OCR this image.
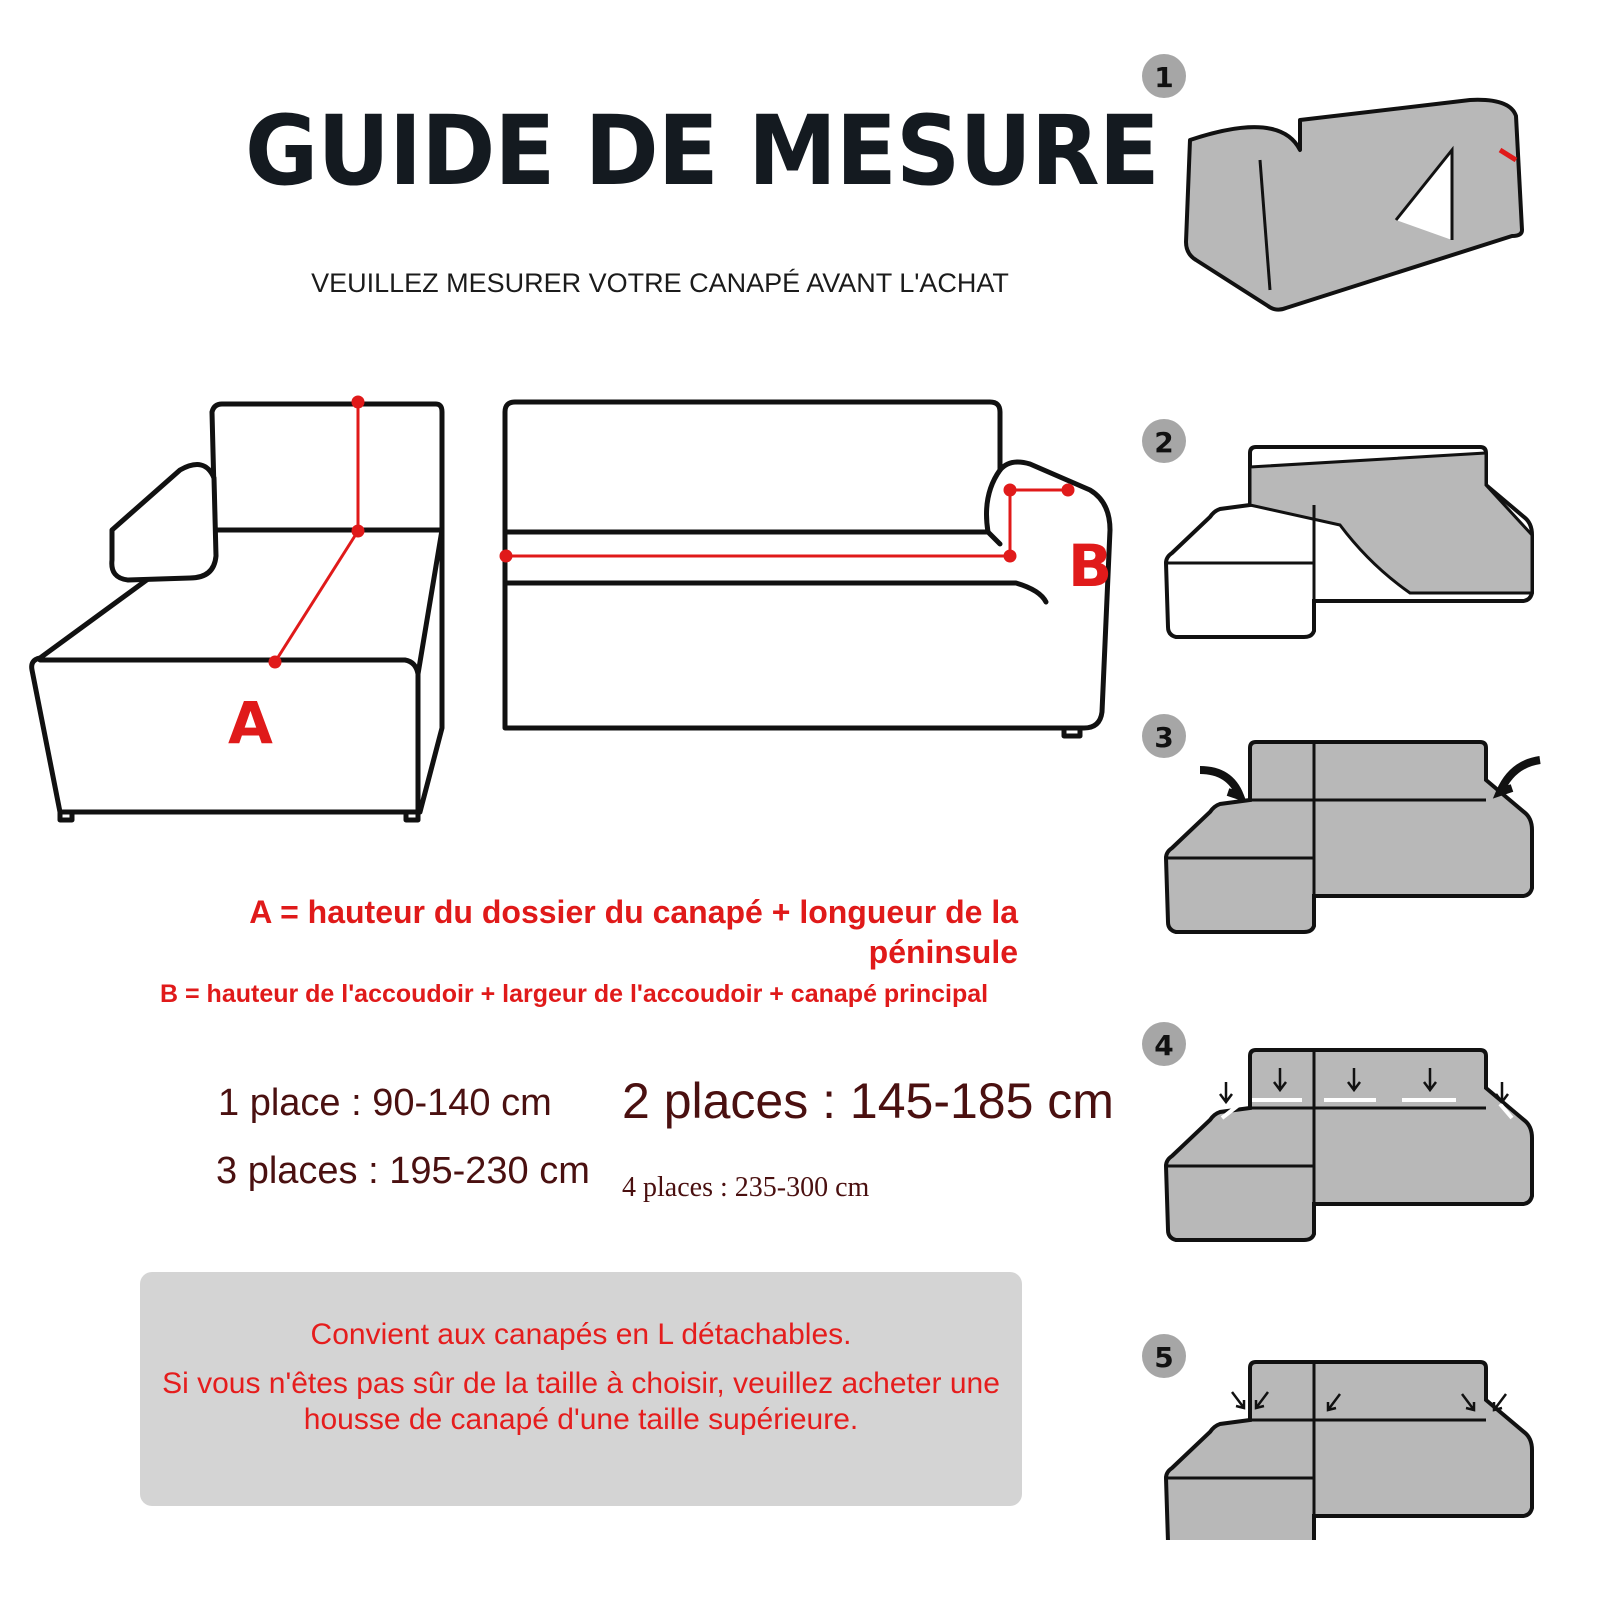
GUIDE DE MESURE
VEUILLEZ MESURER VOTRE CANAPÉ AVANT L'ACHAT
A
B
A = hauteur du dossier du canapé + longueur de la péninsule
B = hauteur de l'accoudoir + largeur de l'accoudoir + canapé principal
1 place : 90-140 cm 2 places : 145-185 cm
3 places : 195-230 cm 4 places : 235-300 cm
Convient aux canapés en L détachables.
Si vous n'êtes pas sûr de la taille à choisir, veuillez acheter une housse de canapé d'une taille supérieure.
1
2
3
4
5
